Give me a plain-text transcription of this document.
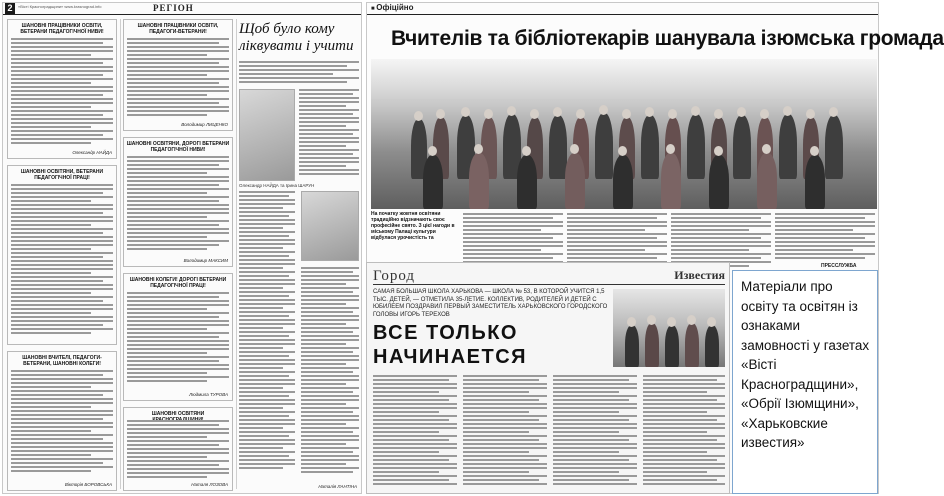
2	«Вісті Красноградщини» www.krasnograd.info	РЕГІОН
ШАНОВНІ ПРАЦІВНИКИ ОСВІТИ, ВЕТЕРАНИ ПЕДАГОГІЧНОЇ НИВИ!
Олександр НАЙДА
ШАНОВНІ ОСВІТЯНИ, ВЕТЕРАНИ ПЕДАГОГІЧНОЇ ПРАЦІ!
ШАНОВНІ ВЧИТЕЛІ, ПЕДАГОГИ-ВЕТЕРАНИ, ШАНОВНІ КОЛЕГИ!
Вікторія БОРОВСЬКА
ШАНОВНІ ПРАЦІВНИКИ ОСВІТИ, ПЕДАГОГИ-ВЕТЕРАНИ!
Володимир ЛИЦЕНКО
ШАНОВНІ ОСВІТЯНИ, ДОРОГІ ВЕТЕРАНИ ПЕДАГОГІЧНОЇ НИВИ!
Володимир МАКСИМ
ШАНОВНІ КОЛЕГИ! ДОРОГІ ВЕТЕРАНИ ПЕДАГОГІЧНОЇ ПРАЦІ!
Людмила ТУРОВА
ШАНОВНІ ОСВІТЯНИ
Наталя ЛОЗОВА
Щоб було кому ліквувати і учити
Олександр НАЙДА та Ірина ШАРУН
Наталія ЛАНТІНА
■ Офіційно
Вчителів та бібліотекарів шанувала ізюмська громада
На початку жовтня освітяни традиційно відзначають своє професійне свято. З цієї нагоди в міському Палаці культури відбулася урочистість та
ПРЕССЛУЖБА
Город	Известия
САМАЯ БОЛЬШАЯ ШКОЛА ХАРЬКОВА — ШКОЛА № 53, В КОТОРОЙ УЧИТСЯ 1,5 ТЫС. ДЕТЕЙ, — ОТМЕТИЛА 35-ЛЕТИЕ. КОЛЛЕКТИВ, РОДИТЕЛЕЙ И ДЕТЕЙ С ЮБИЛЕЕМ ПОЗДРАВИЛ ПЕРВЫЙ ЗАМЕСТИТЕЛЬ ХАРЬКОВСКОГО ГОРОДСКОГО ГОЛОВЫ ИГОРЬ ТЕРЕХОВ
ВСЕ ТОЛЬКО НАЧИНАЕТСЯ
Матеріали про освіту та освітян із ознаками замовності у газетах «Вісті Красноградщини», «Обрії Ізюмщини», «Харьковские известия»
